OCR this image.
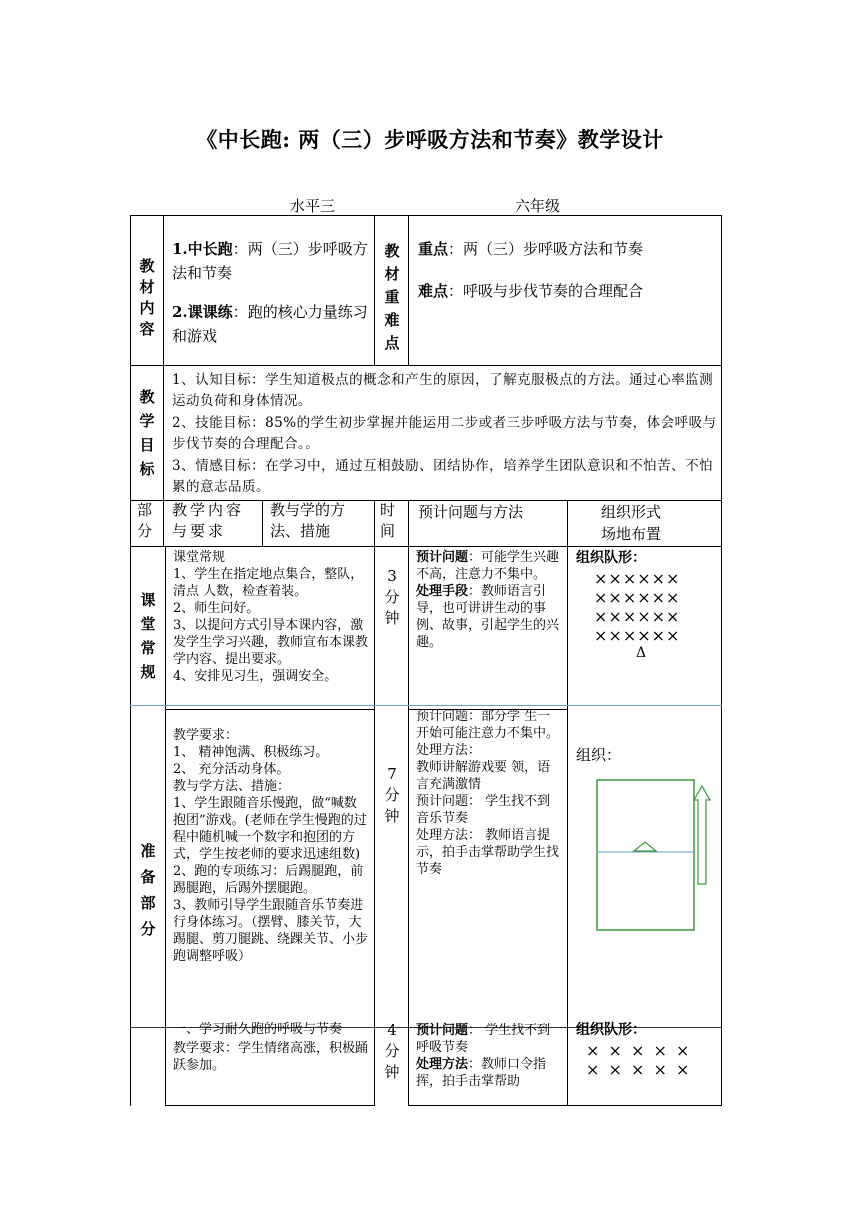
《中长跑: 两（三）步呼吸方法和节奏》教学设计
水平三	六年级
教材内容
1.中长跑：两（三）步呼吸方法和节奏
2.课课练：跑的核心力量练习和游戏
教材重难点
重点：两（三）步呼吸方法和节奏
难点：呼吸与步伐节奏的合理配合
教学目标
1、认知目标：学生知道极点的概念和产生的原因，了解克服极点的方法。通过心率监测运动负荷和身体情况。
2、技能目标：85%的学生初步掌握并能运用二步或者三步呼吸方法与节奏，体会呼吸与步伐节奏的合理配合。。
3、情感目标：在学习中，通过互相鼓励、团结协作，培养学生团队意识和不怕苦、不怕累的意志品质。
部分
教学内容与要求
教与学的方法、措施
时间
预计问题与方法	组织形式
场地布置
课堂常规
课堂常规
1、学生在指定地点集合，整队，清点 人数，检查着装。
2、师生问好。
3、以提问方式引导本课内容，激发学生学习兴趣，教师宣布本课教学内容、提出要求。
4、安排见习生，强调安全。
3分钟
预计问题：可能学生兴趣不高，注意力不集中。
处理手段：教师语言引导，也可讲讲生动的事例、故事，引起学生的兴趣。
组织队形：
××××××
××××××
××××××
××××××
Δ
准备部分
教学要求：
1、 精神饱满、积极练习。
2、 充分活动身体。
教与学方法、措施：
1、学生跟随音乐慢跑，做“喊数抱团”游戏。(老师在学生慢跑的过程中随机喊一个数字和抱团的方式，学生按老师的要求迅速组数)
2、跑的专项练习：后踢腿跑，前踢腿跑，后踢外摆腿跑。
3、教师引导学生跟随音乐节奏进行身体练习。（摆臂、膝关节，大踢腿、剪刀腿跳、绕踝关节、小步跑调整呼吸）
7分钟
预计问题：部分学 生一开始可能注意力不集中。
处理方法：
教师讲解游戏要 领，语言充满激情
预计问题： 学生找不到音乐节奏
处理方法： 教师语言提示，拍手击掌帮助学生找节奏
组织：
一、学习耐久跑的呼吸与节奏
教学要求：学生情绪高涨，积极踊跃参加。
4分钟
预计问题： 学生找不到呼吸节奏
处理方法：教师口令指挥，拍手击掌帮助
组织队形：
× × × × ×
× × × × ×
